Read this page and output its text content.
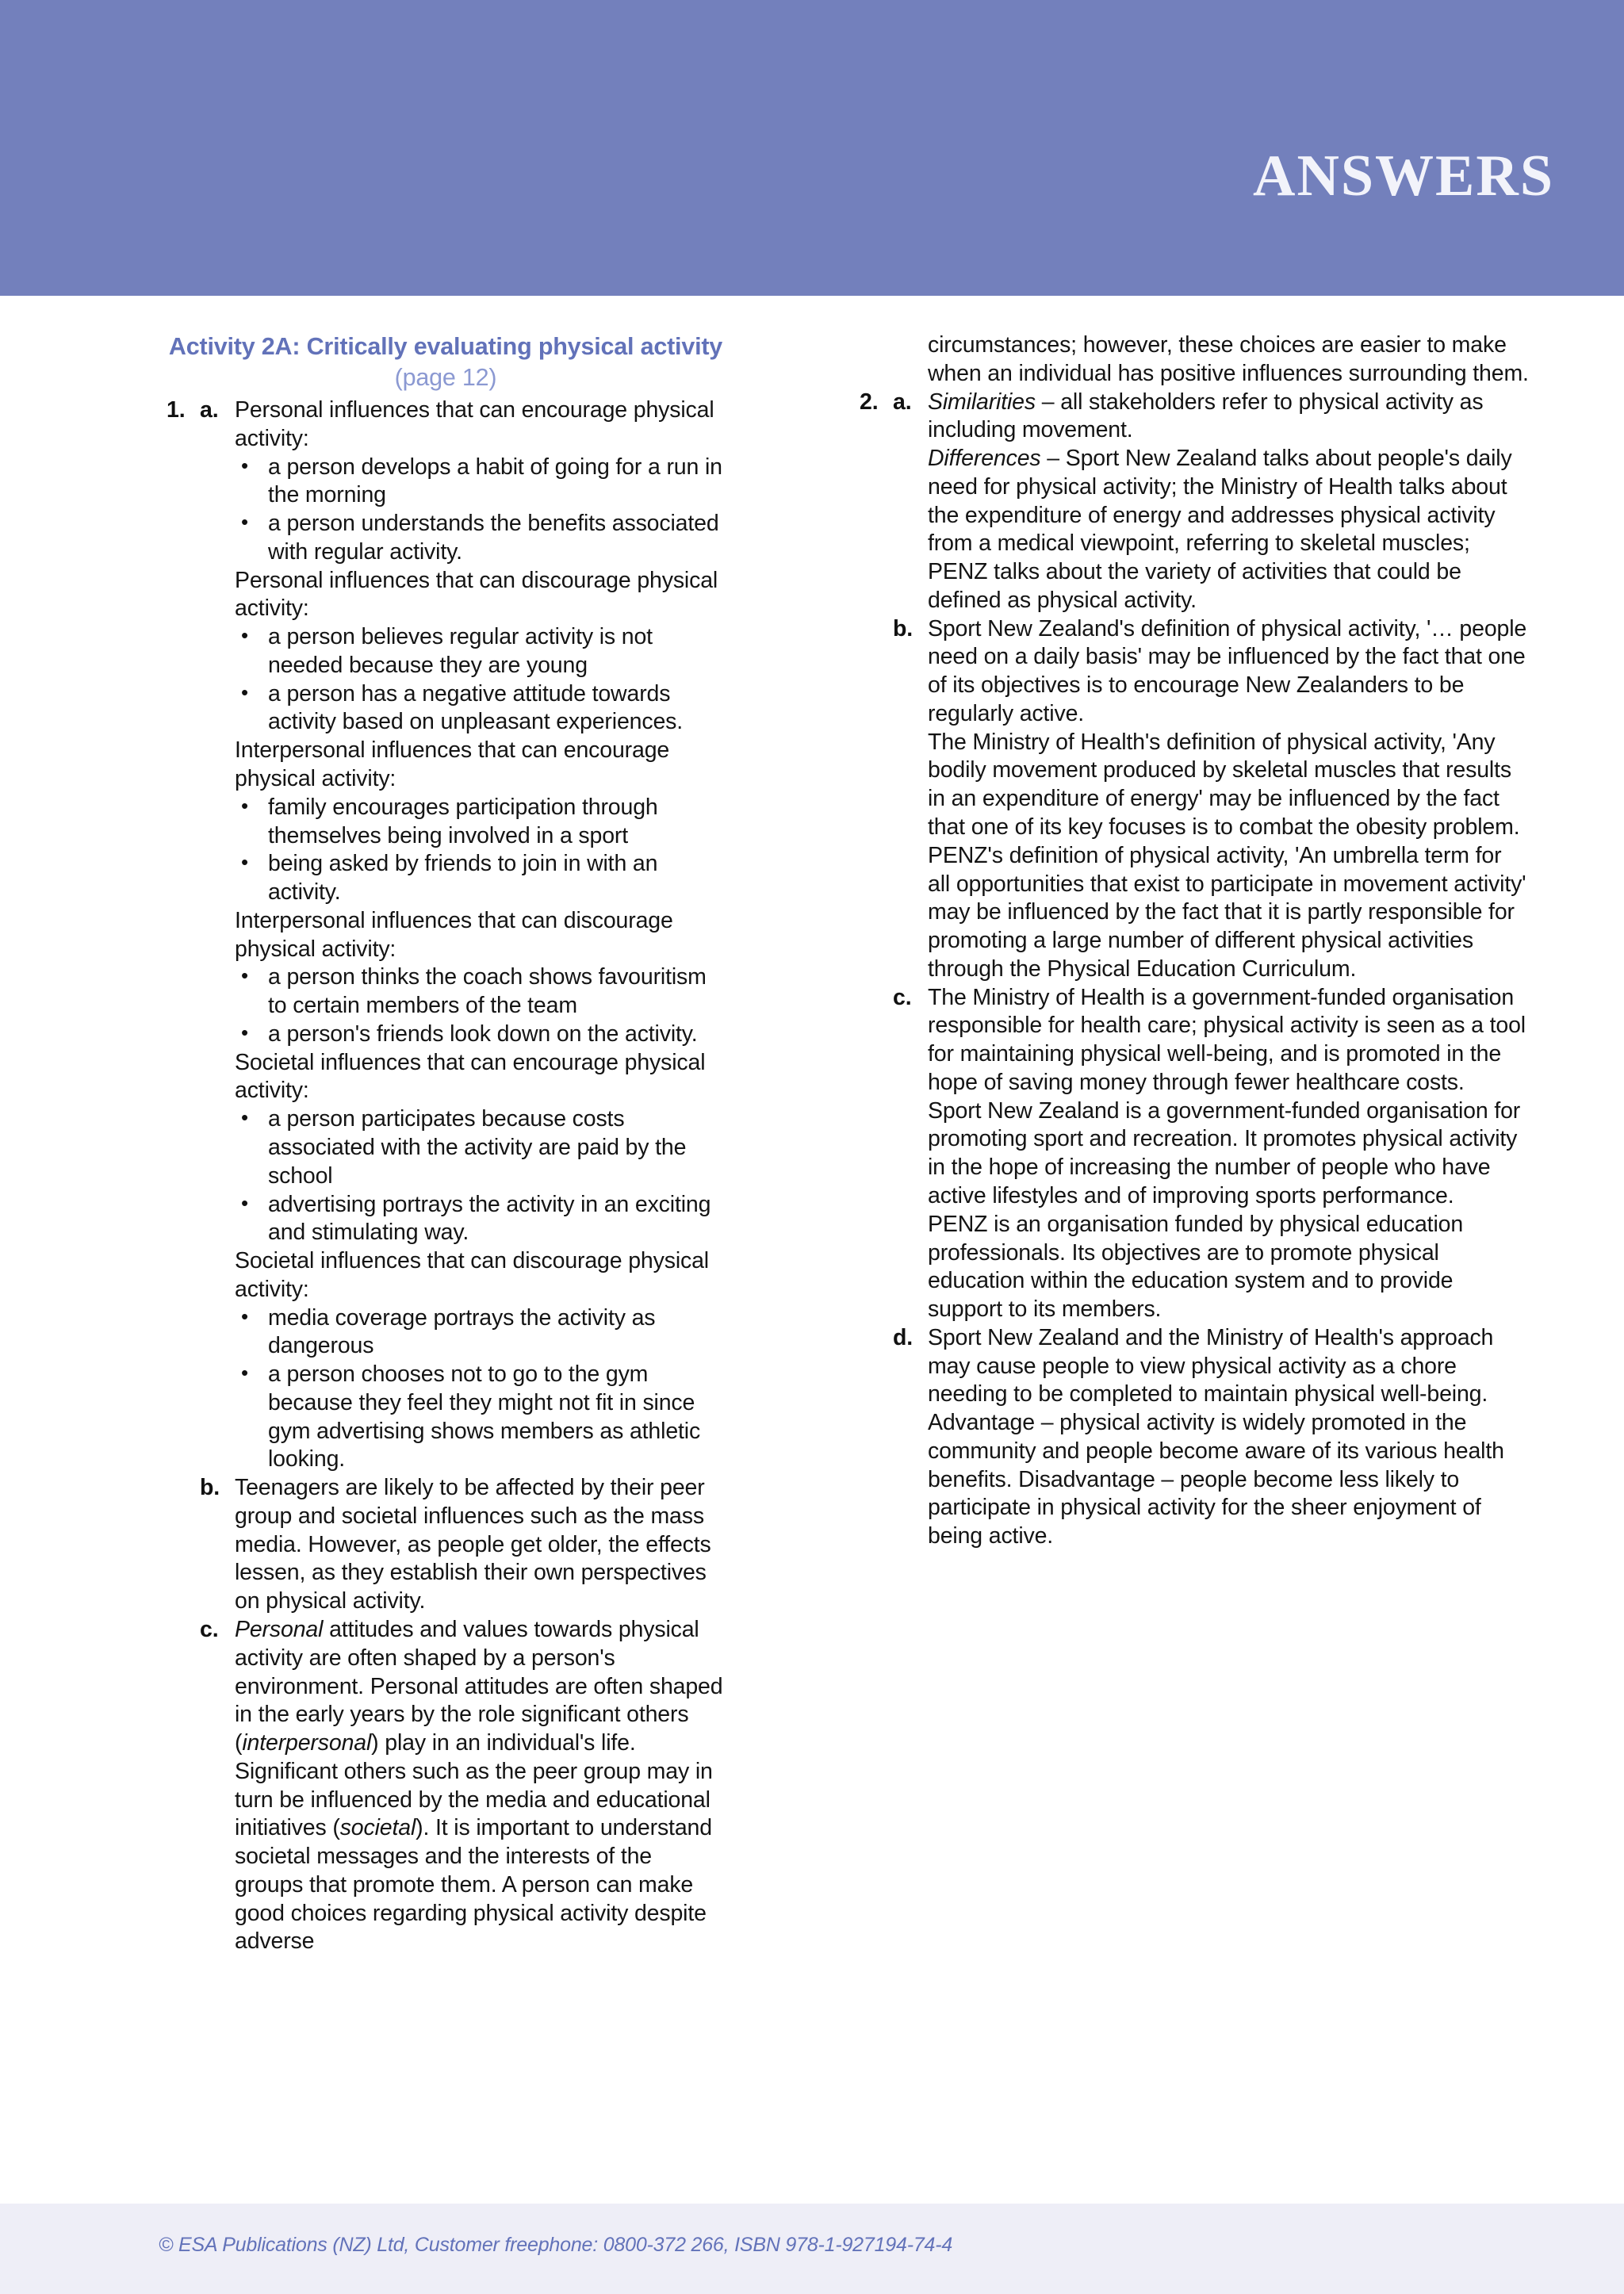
ANSWERS
Activity 2A: Critically evaluating physical activity (page 12)
1. a. Personal influences that can encourage physical activity:
• a person develops a habit of going for a run in the morning
• a person understands the benefits associated with regular activity.

Personal influences that can discourage physical activity:

• a person believes regular activity is not needed because they are young
• a person has a negative attitude towards activity based on unpleasant experiences.

Interpersonal influences that can encourage physical activity:

• family encourages participation through themselves being involved in a sport
• being asked by friends to join in with an activity.

Interpersonal influences that can discourage physical activity:

• a person thinks the coach shows favouritism to certain members of the team
• a person's friends look down on the activity.

Societal influences that can encourage physical activity:

• a person participates because costs associated with the activity are paid by the school
• advertising portrays the activity in an exciting and stimulating way.

Societal influences that can discourage physical activity:

• media coverage portrays the activity as dangerous
• a person chooses not to go to the gym because they feel they might not fit in since gym advertising shows members as athletic looking.
b. Teenagers are likely to be affected by their peer group and societal influences such as the mass media. However, as people get older, the effects lessen, as they establish their own perspectives on physical activity.
c. Personal attitudes and values towards physical activity are often shaped by a person's environment. Personal attitudes are often shaped in the early years by the role significant others (interpersonal) play in an individual's life. Significant others such as the peer group may in turn be influenced by the media and educational initiatives (societal). It is important to understand societal messages and the interests of the groups that promote them. A person can make good choices regarding physical activity despite adverse

circumstances; however, these choices are easier to make when an individual has positive influences surrounding them.

2. a. Similarities – all stakeholders refer to physical activity as including movement.

Differences – Sport New Zealand talks about people's daily need for physical activity; the Ministry of Health talks about the expenditure of energy and addresses physical activity from a medical viewpoint, referring to skeletal muscles; PENZ talks about the variety of activities that could be defined as physical activity.

b. Sport New Zealand's definition of physical activity, '… people need on a daily basis' may be influenced by the fact that one of its objectives is to encourage New Zealanders to be regularly active.

The Ministry of Health's definition of physical activity, 'Any bodily movement produced by skeletal muscles that results in an expenditure of energy' may be influenced by the fact that one of its key focuses is to combat the obesity problem.

PENZ's definition of physical activity, 'An umbrella term for all opportunities that exist to participate in movement activity' may be influenced by the fact that it is partly responsible for promoting a large number of different physical activities through the Physical Education Curriculum.

c. The Ministry of Health is a government-funded organisation responsible for health care; physical activity is seen as a tool for maintaining physical well-being, and is promoted in the hope of saving money through fewer healthcare costs.

Sport New Zealand is a government-funded organisation for promoting sport and recreation. It promotes physical activity in the hope of increasing the number of people who have active lifestyles and of improving sports performance.

PENZ is an organisation funded by physical education professionals. Its objectives are to promote physical education within the education system and to provide support to its members.

d. Sport New Zealand and the Ministry of Health's approach may cause people to view physical activity as a chore needing to be completed to maintain physical well-being. Advantage – physical activity is widely promoted in the community and people become aware of its various health benefits. Disadvantage – people become less likely to participate in physical activity for the sheer enjoyment of being active.
© ESA Publications (NZ) Ltd, Customer freephone: 0800-372 266, ISBN 978-1-927194-74-4
